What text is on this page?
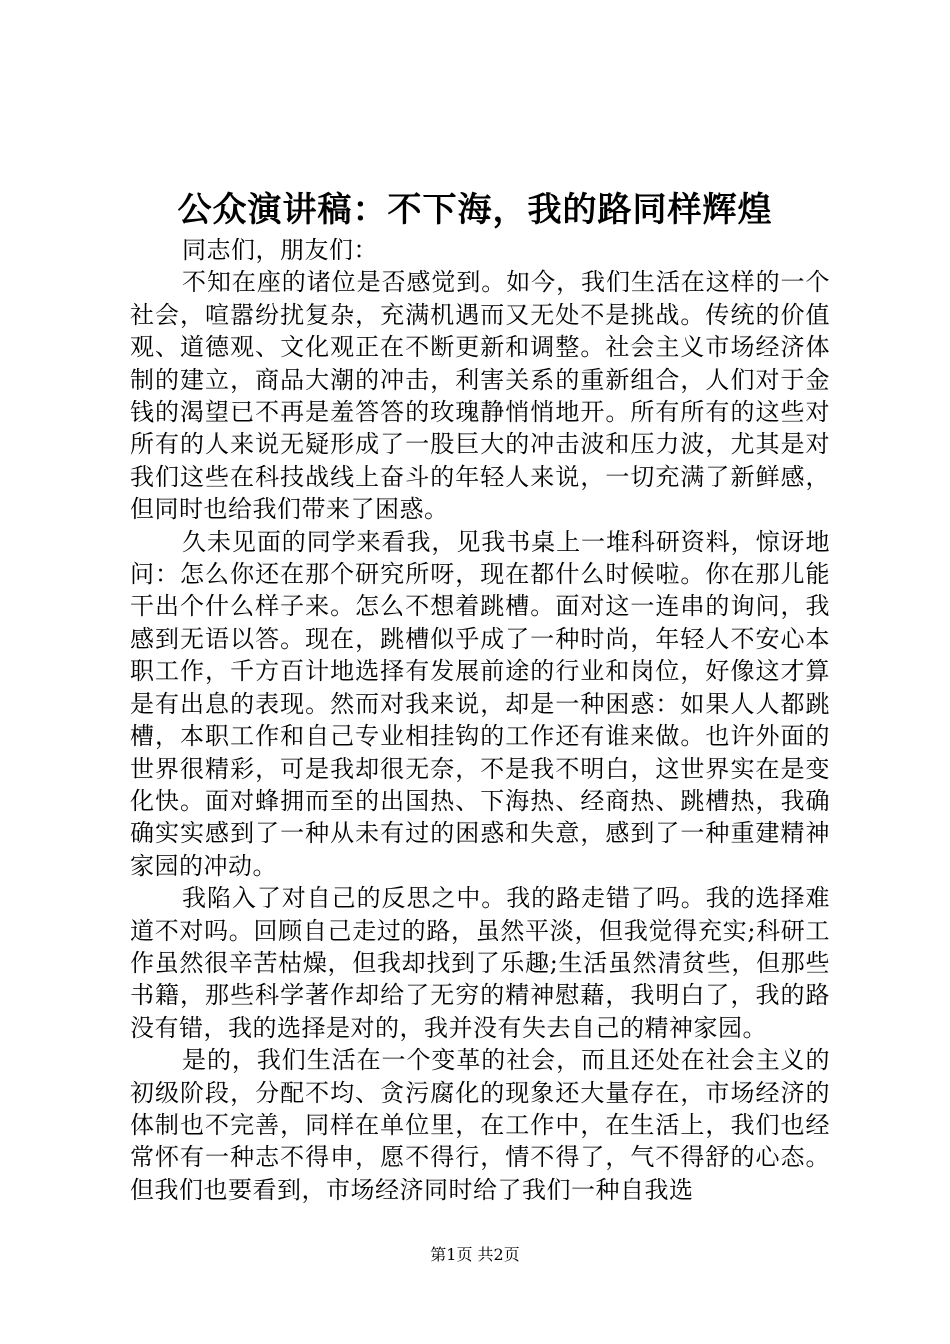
公众演讲稿：不下海，我的路同样辉煌

同志们，朋友们：

不知在座的诸位是否感觉到。如今，我们生活在这样的一个社会，喧嚣纷扰复杂，充满机遇而又无处不是挑战。传统的价值观、道德观、文化观正在不断更新和调整。社会主义市场经济体制的建立，商品大潮的冲击，利害关系的重新组合，人们对于金钱的渴望已不再是羞答答的玫瑰静悄悄地开。所有所有的这些对所有的人来说无疑形成了一股巨大的冲击波和压力波，尤其是对我们这些在科技战线上奋斗的年轻人来说，一切充满了新鲜感，但同时也给我们带来了困惑。

久未见面的同学来看我，见我书桌上一堆科研资料，惊讶地问：怎么你还在那个研究所呀，现在都什么时候啦。你在那儿能干出个什么样子来。怎么不想着跳槽。面对这一连串的询问，我感到无语以答。现在，跳槽似乎成了一种时尚，年轻人不安心本职工作，千方百计地选择有发展前途的行业和岗位，好像这才算是有出息的表现。然而对我来说，却是一种困惑：如果人人都跳槽，本职工作和自己专业相挂钩的工作还有谁来做。也许外面的世界很精彩，可是我却很无奈，不是我不明白，这世界实在是变化快。面对蜂拥而至的出国热、下海热、经商热、跳槽热，我确确实实感到了一种从未有过的困惑和失意，感到了一种重建精神家园的冲动。

我陷入了对自己的反思之中。我的路走错了吗。我的选择难道不对吗。回顾自己走过的路，虽然平淡，但我觉得充实;科研工作虽然很辛苦枯燥，但我却找到了乐趣;生活虽然清贫些，但那些书籍，那些科学著作却给了无穷的精神慰藉，我明白了，我的路没有错，我的选择是对的，我并没有失去自己的精神家园。

是的，我们生活在一个变革的社会，而且还处在社会主义的初级阶段，分配不均、贪污腐化的现象还大量存在，市场经济的体制也不完善，同样在单位里，在工作中，在生活上，我们也经常怀有一种志不得申，愿不得行，情不得了，气不得舒的心态。但我们也要看到，市场经济同时给了我们一种自我选

第1页 共2页
